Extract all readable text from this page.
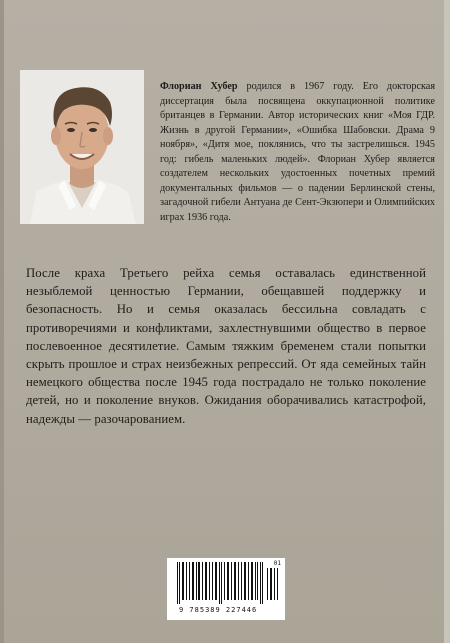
Флориан Хубер родился в 1967 году. Его докторская диссертация была посвящена оккупационной политике британцев в Германии. Автор исторических книг «Моя ГДР. Жизнь в другой Германии», «Ошибка Шабовски. Драма 9 ноября», «Дитя мое, поклянись, что ты застрелишься. 1945 год: гибель маленьких людей». Флориан Хубер является создателем нескольких удостоенных почетных премий документальных фильмов — о падении Берлинской стены, загадочной гибели Антуана де Сент-Экзюпери и Олимпийских играх 1936 года.

После краха Третьего рейха семья оставалась единственной незыблемой ценностью Германии, обещавшей поддержку и безопасность. Но и семья оказалась бессильна совладать с противоречиями и конфликтами, захлестнувшими общество в первое послевоенное десятилетие. Самым тяжким бременем стали попытки скрыть прошлое и страх неизбежных репрессий. От яда семейных тайн немецкого общества после 1945 года пострадало не только поколение детей, но и поколение внуков. Ожидания оборачивались катастрофой, надежды — разочарованием.

01
9 785389 227446
